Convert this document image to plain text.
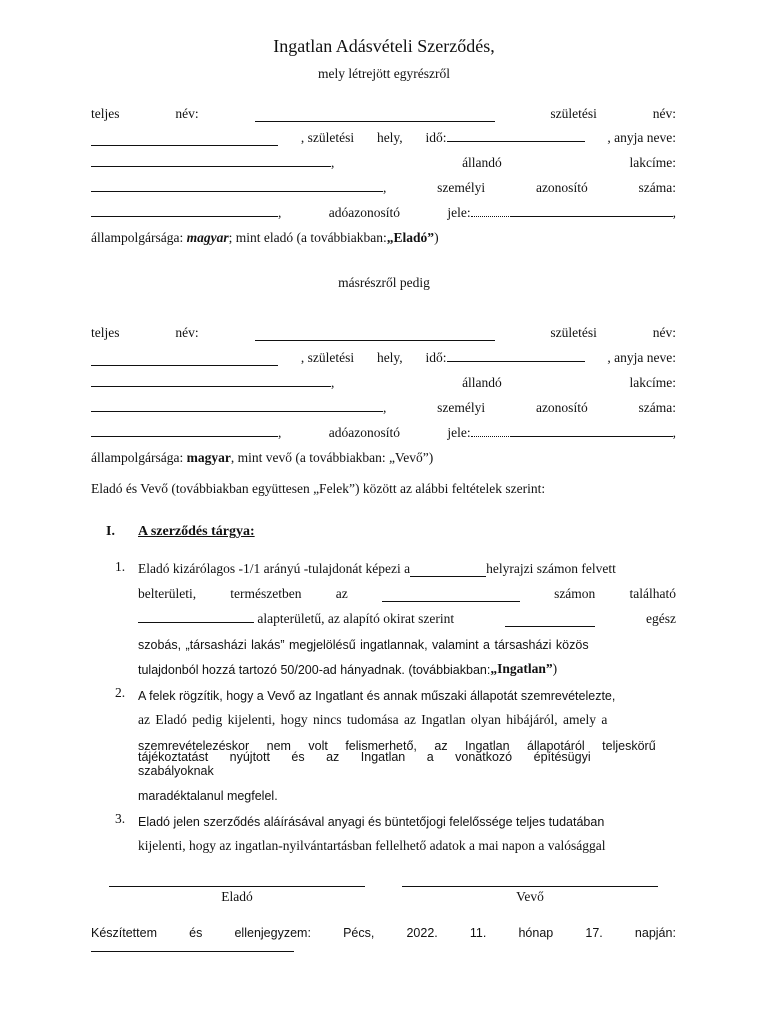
Ingatlan Adásvételi Szerződés,
mely létrejött egyrészről
teljes	név:	születési	név:
, születési hely, idő:	, anyja neve:
,	állandó	lakcíme:
,	személyi	azonosító	száma:
,	adóazonosító	jele:	,
állampolgársága:
magyar ; mint eladó (a továbbiakban: „Eladó” )
másrészről pedig
teljes	név:	születési	név:
, születési hely, idő:	, anyja neve:
,	állandó	lakcíme:
,	személyi	azonosító	száma:
,	adóazonosító	jele:	,
állampolgársága:
magyar , mint vevő (a továbbiakban: „Vevő”)
Eladó és Vevő (továbbiakban együttesen „Felek”) között az alábbi feltételek szerint:
I. A szerződés tárgya:
1. Eladó kizárólagos -1/1 arányú -tulajdonát képezi a	helyrajzi számon felvett
belterületi,	természetben	az	számon	található
alapterületű, az alapító okirat szerint	egész
szobás, „társasházi lakás” megjelölésű ingatlannak, valamint a társasházi közös
tulajdonból hozzá tartozó 50/200-ad hányadnak. (továbbiakban: „Ingatlan” )
2. A felek rögzítik, hogy a Vevő az Ingatlant és annak műszaki állapotát szemrevételezte,
az Eladó pedig kijelenti, hogy nincs tudomása az Ingatlan olyan hibájáról, amely a
szemrevételezéskor nem volt felismerhető, az Ingatlan állapotáról teljeskörű
tájékoztatást nyújtott és az Ingatlan a vonatkozó építésügyi szabályoknak
maradéktalanul megfelel.
3. Eladó jelen szerződés aláírásával anyagi és büntetőjogi felelőssége teljes tudatában
kijelenti, hogy az ingatlan-nyilvántartásban fellelhető adatok a mai napon a valósággal
Eladó	Vevő
Készítettem	és	ellenjegyzem:	Pécs,	2022.	11.	hónap	17.	napján:
